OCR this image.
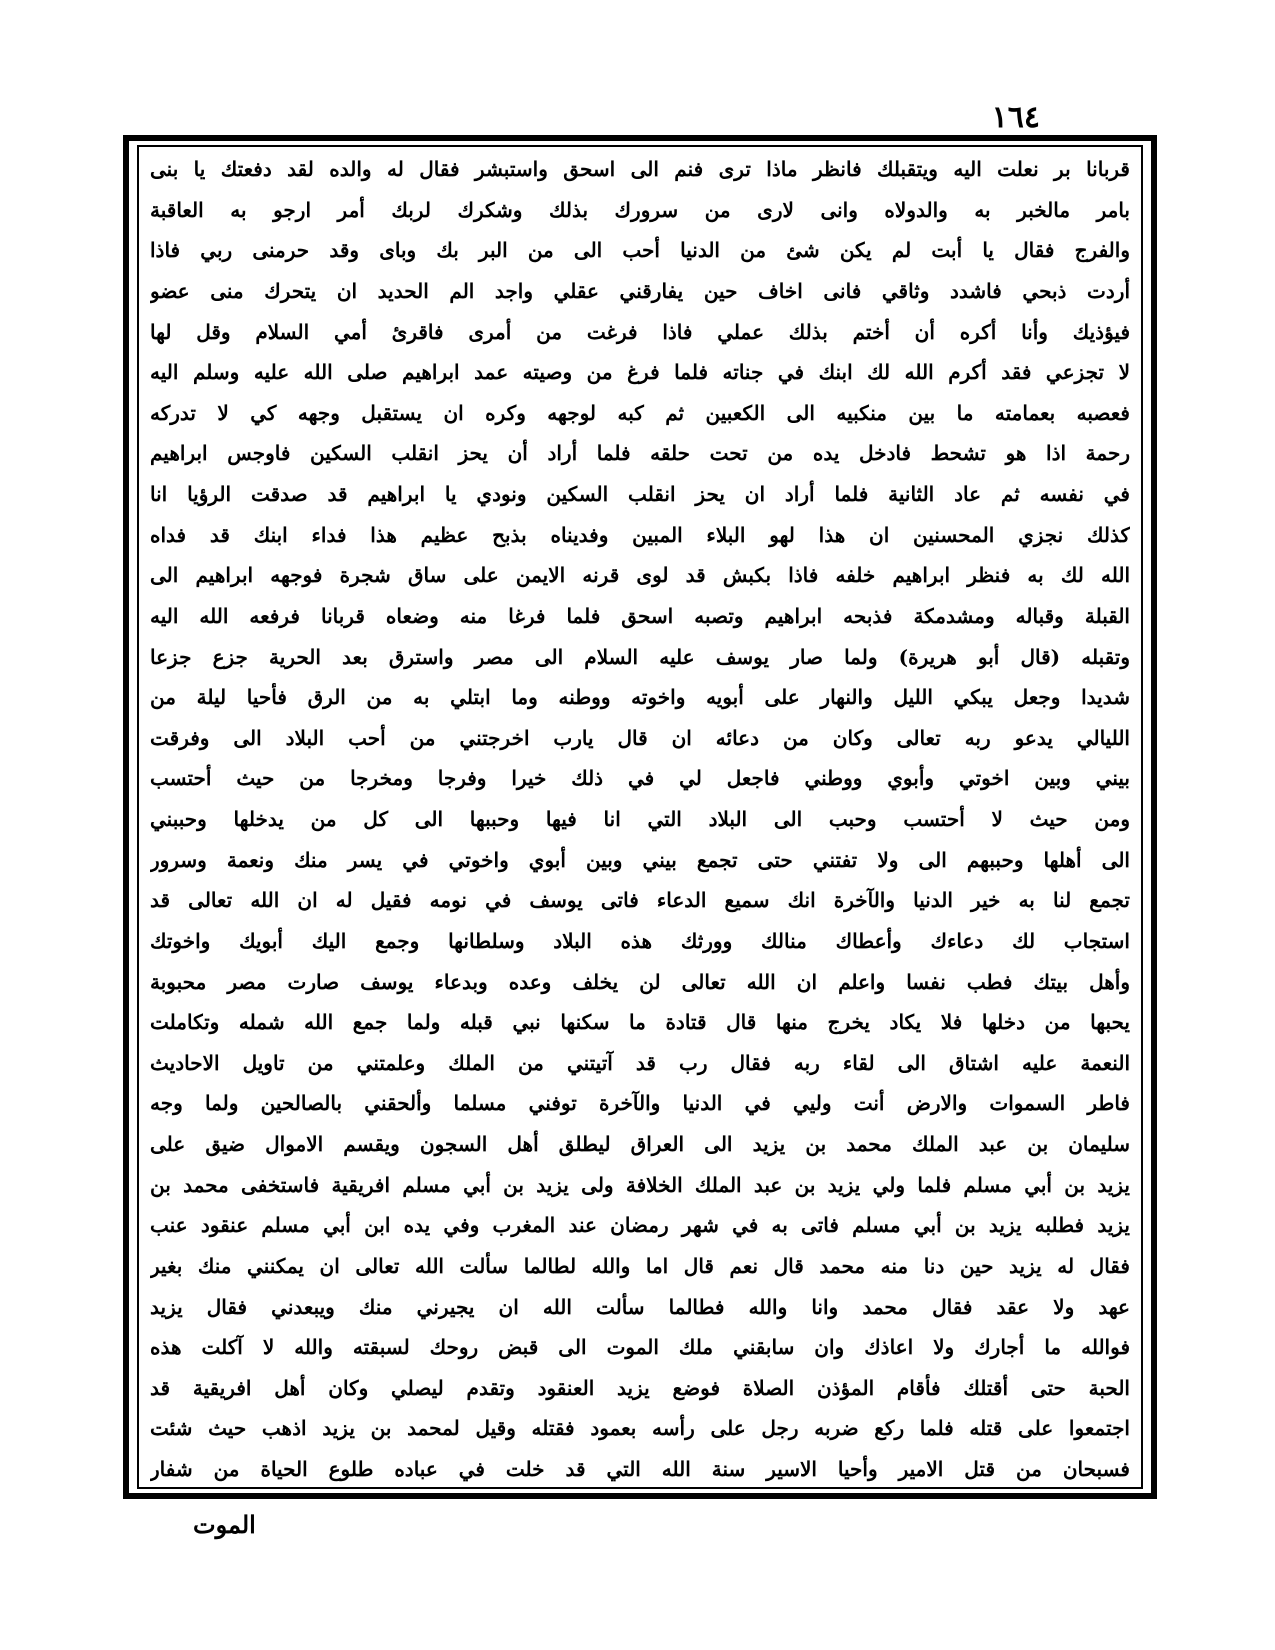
١٦٤
قربانا بر نعلت اليه ويتقبلك فانظر ماذا ترى فنم الى اسحق واستبشر فقال له والده لقد دفعتك يا بنى
بامر مالخبر به والدولاه وانى لارى من سرورك بذلك وشكرك لربك أمر ارجو به العاقبة
والفرج فقال يا أبت لم يكن شئ من الدنيا أحب الى من البر بك وباى وقد حرمنى ربي فاذا
أردت ذبحي فاشدد وثاقي فانى اخاف حين يفارقني عقلي واجد الم الحديد ان يتحرك منى عضو
فيؤذيك وأنا أكره أن أختم بذلك عملي فاذا فرغت من أمرى فاقرئ أمي السلام وقل لها
لا تجزعي فقد أكرم الله لك ابنك في جناته فلما فرغ من وصيته عمد ابراهيم صلى الله عليه وسلم اليه
فعصبه بعمامته ما بين منكبيه الى الكعبين ثم كبه لوجهه وكره ان يستقبل وجهه كي لا تدركه
رحمة اذا هو تشحط فادخل يده من تحت حلقه فلما أراد أن يحز انقلب السكين فاوجس ابراهيم
في نفسه ثم عاد الثانية فلما أراد ان يحز انقلب السكين ونودي يا ابراهيم قد صدقت الرؤيا انا
كذلك نجزي المحسنين ان هذا لهو البلاء المبين وفديناه بذبح عظيم هذا فداء ابنك قد فداه
الله لك به فنظر ابراهيم خلفه فاذا بكبش قد لوى قرنه الايمن على ساق شجرة فوجهه ابراهيم الى
القبلة وقباله ومشدمكة فذبحه ابراهيم وتصبه اسحق فلما فرغا منه وضعاه قربانا فرفعه الله اليه
وتقبله (قال أبو هريرة) ولما صار يوسف عليه السلام الى مصر واسترق بعد الحرية جزع جزعا
شديدا وجعل يبكي الليل والنهار على أبويه واخوته ووطنه وما ابتلي به من الرق فأحيا ليلة من
الليالي يدعو ربه تعالى وكان من دعائه ان قال يارب اخرجتني من أحب البلاد الى وفرقت
بيني وبين اخوتي وأبوي ووطني فاجعل لي في ذلك خيرا وفرجا ومخرجا من حيث أحتسب
ومن حيث لا أحتسب وحبب الى البلاد التي انا فيها وحببها الى كل من يدخلها وحببني
الى أهلها وحببهم الى ولا تفتني حتى تجمع بيني وبين أبوي واخوتي في يسر منك ونعمة وسرور
تجمع لنا به خير الدنيا والآخرة انك سميع الدعاء فاتى يوسف في نومه فقيل له ان الله تعالى قد
استجاب لك دعاءك وأعطاك منالك وورثك هذه البلاد وسلطانها وجمع اليك أبويك واخوتك
وأهل بيتك فطب نفسا واعلم ان الله تعالى لن يخلف وعده وبدعاء يوسف صارت مصر محبوبة
يحبها من دخلها فلا يكاد يخرج منها قال قتادة ما سكنها نبي قبله ولما جمع الله شمله وتكاملت
النعمة عليه اشتاق الى لقاء ربه فقال رب قد آتيتني من الملك وعلمتني من تاويل الاحاديث
فاطر السموات والارض أنت وليي في الدنيا والآخرة توفني مسلما وألحقني بالصالحين ولما وجه
سليمان بن عبد الملك محمد بن يزيد الى العراق ليطلق أهل السجون ويقسم الاموال ضيق على
يزيد بن أبي مسلم فلما ولي يزيد بن عبد الملك الخلافة ولى يزيد بن أبي مسلم افريقية فاستخفى محمد بن
يزيد فطلبه يزيد بن أبي مسلم فاتى به في شهر رمضان عند المغرب وفي يده ابن أبي مسلم عنقود عنب
فقال له يزيد حين دنا منه محمد قال نعم قال اما والله لطالما سألت الله تعالى ان يمكنني منك بغير
عهد ولا عقد فقال محمد وانا والله فطالما سألت الله ان يجيرني منك ويبعدني فقال يزيد
فوالله ما أجارك ولا اعاذك وان سابقني ملك الموت الى قبض روحك لسبقته والله لا آكلت هذه
الحبة حتى أقتلك فأقام المؤذن الصلاة فوضع يزيد العنقود وتقدم ليصلي وكان أهل افريقية قد
اجتمعوا على قتله فلما ركع ضربه رجل على رأسه بعمود فقتله وقيل لمحمد بن يزيد اذهب حيث شئت
فسبحان من قتل الامير وأحيا الاسير سنة الله التي قد خلت في عباده طلوع الحياة من شفار
الموت
